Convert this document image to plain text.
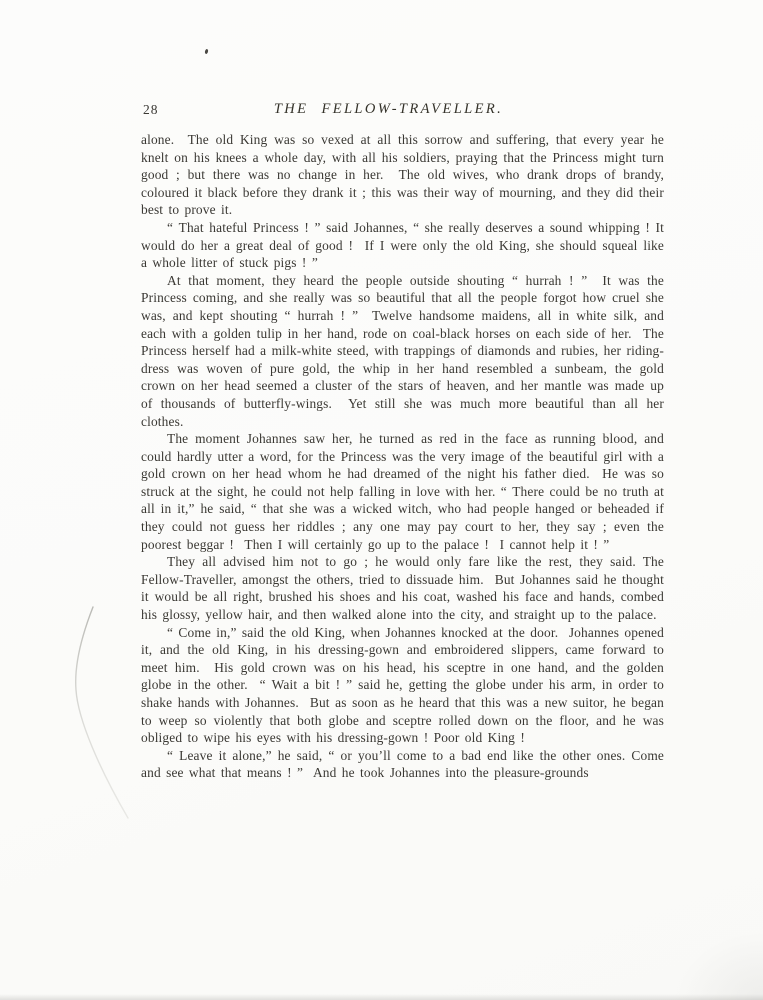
28	THE FELLOW-TRAVELLER.

alone.  The old King was so vexed at all this sorrow and suffering, that every year he knelt on his knees a whole day, with all his soldiers, praying that the Princess might turn good ; but there was no change in her.  The old wives, who drank drops of brandy, coloured it black before they drank it ; this was their way of mourning, and they did their best to prove it.

“ That hateful Princess ! ” said Johannes, “ she really deserves a sound whipping ! It would do her a great deal of good !  If I were only the old King, she should squeal like a whole litter of stuck pigs ! ”

At that moment, they heard the people outside shouting “ hurrah ! ”  It was the Princess coming, and she really was so beautiful that all the people forgot how cruel she was, and kept shouting “ hurrah ! ”  Twelve handsome maidens, all in white silk, and each with a golden tulip in her hand, rode on coal-black horses on each side of her.  The Princess herself had a milk-white steed, with trappings of diamonds and rubies, her riding-dress was woven of pure gold, the whip in her hand resembled a sunbeam, the gold crown on her head seemed a cluster of the stars of heaven, and her mantle was made up of thousands of butterfly-wings.  Yet still she was much more beautiful than all her clothes.

The moment Johannes saw her, he turned as red in the face as running blood, and could hardly utter a word, for the Princess was the very image of the beautiful girl with a gold crown on her head whom he had dreamed of the night his father died.  He was so struck at the sight, he could not help falling in love with her. “ There could be no truth at all in it,” he said, “ that she was a wicked witch, who had people hanged or beheaded if they could not guess her riddles ; any one may pay court to her, they say ; even the poorest beggar !  Then I will certainly go up to the palace !  I cannot help it ! ”

They all advised him not to go ; he would only fare like the rest, they said. The Fellow-Traveller, amongst the others, tried to dissuade him.  But Johannes said he thought it would be all right, brushed his shoes and his coat, washed his face and hands, combed his glossy, yellow hair, and then walked alone into the city, and straight up to the palace.

“ Come in,” said the old King, when Johannes knocked at the door.  Johannes opened it, and the old King, in his dressing-gown and embroidered slippers, came forward to meet him.  His gold crown was on his head, his sceptre in one hand, and the golden globe in the other.  “ Wait a bit ! ” said he, getting the globe under his arm, in order to shake hands with Johannes.  But as soon as he heard that this was a new suitor, he began to weep so violently that both globe and sceptre rolled down on the floor, and he was obliged to wipe his eyes with his dressing-gown ! Poor old King !

“ Leave it alone,” he said, “ or you’ll come to a bad end like the other ones. Come and see what that means ! ”  And he took Johannes into the pleasure-grounds
